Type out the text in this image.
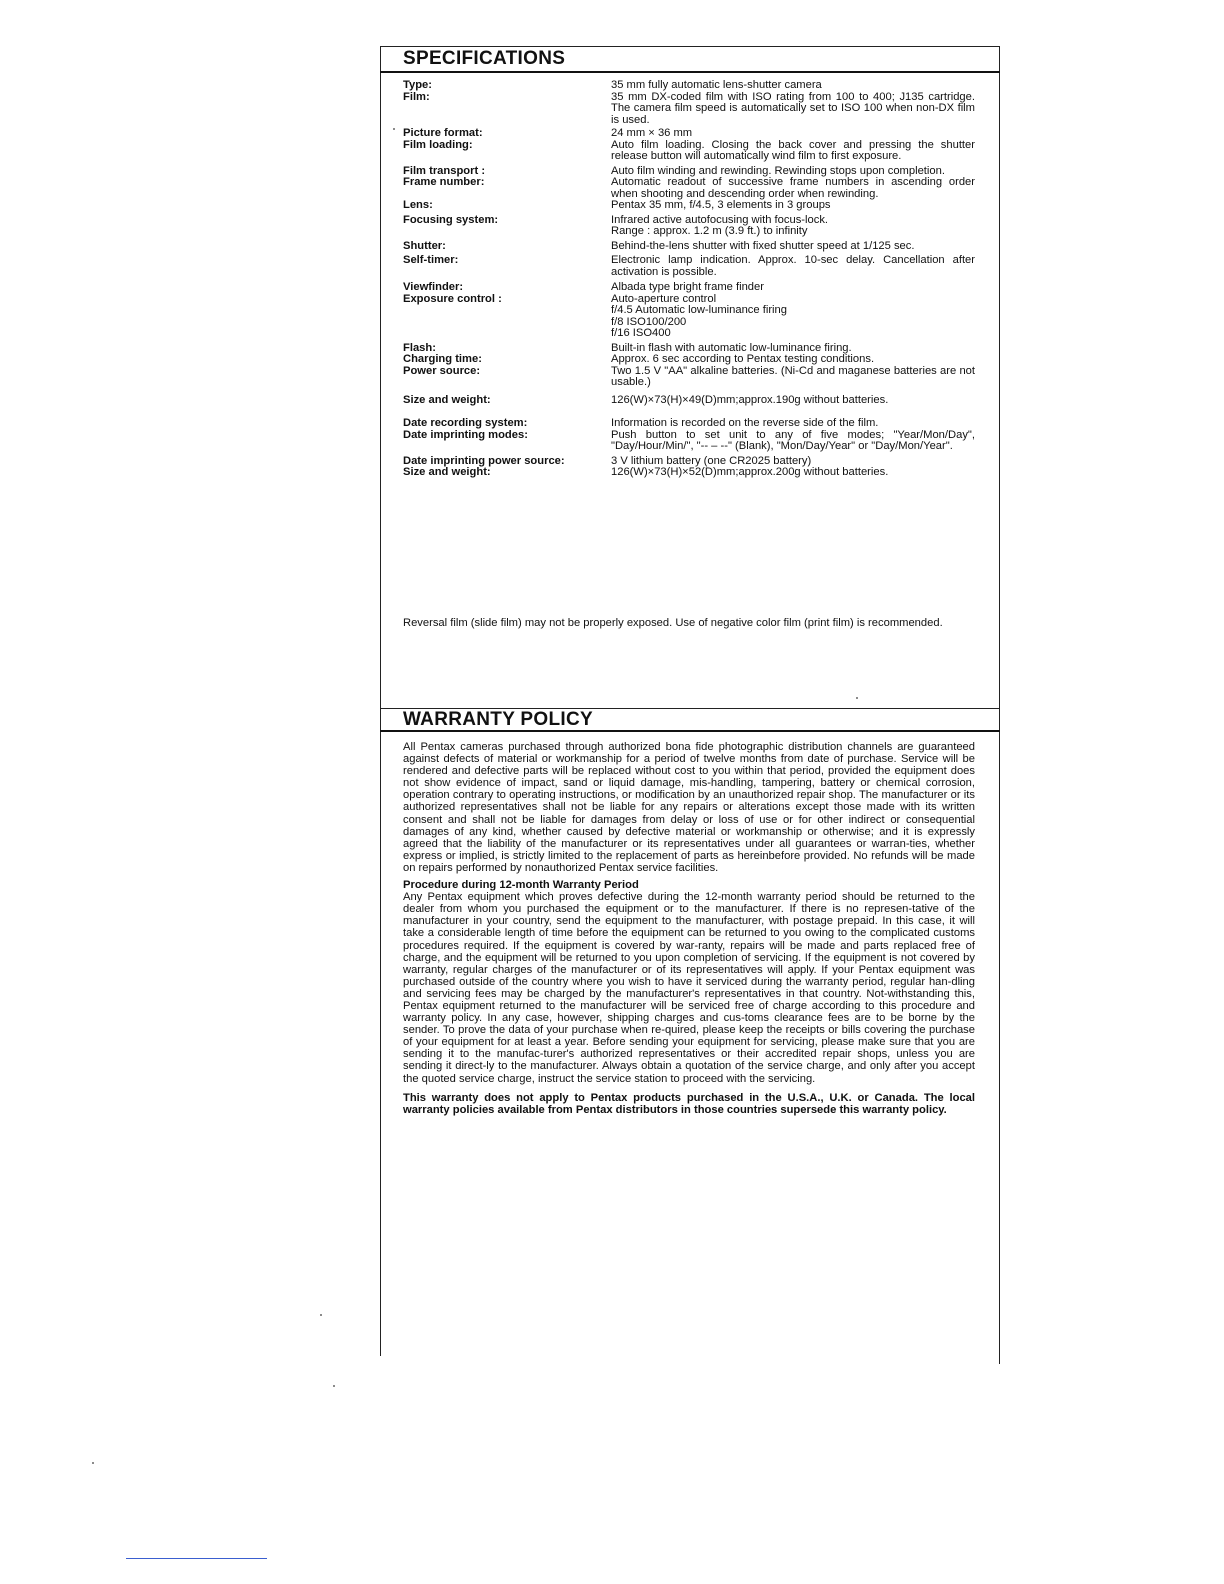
SPECIFICATIONS
Type:	35 mm fully automatic lens-shutter camera
Film:	35 mm DX-coded film with ISO rating from 100 to 400; J135 cartridge. The camera film speed is automatically set to ISO 100 when non-DX film is used.
Picture format:	24 mm × 36 mm
Film loading:	Auto film loading. Closing the back cover and pressing the shutter release button will automatically wind film to first exposure.
Film transport :	Auto film winding and rewinding. Rewinding stops upon completion.
Frame number:	Automatic readout of successive frame numbers in ascending order when shooting and descending order when rewinding.
Lens:	Pentax 35 mm, f/4.5, 3 elements in 3 groups
Focusing system:	Infrared active autofocusing with focus-lock.
Range : approx. 1.2 m (3.9 ft.) to infinity
Shutter:	Behind-the-lens shutter with fixed shutter speed at 1/125 sec.
Self-timer:	Electronic lamp indication. Approx. 10-sec delay. Cancellation after activation is possible.
Viewfinder:	Albada type bright frame finder
Exposure control :	Auto-aperture control
f/4.5 Automatic low-luminance firing
f/8 ISO100/200
f/16 ISO400
Flash:	Built-in flash with automatic low-luminance firing.
Charging time:	Approx. 6 sec according to Pentax testing conditions.
Power source:	Two 1.5 V "AA" alkaline batteries. (Ni-Cd and maganese batteries are not usable.)
Size and weight:	126(W)×73(H)×49(D)mm;approx.190g without batteries.
Date recording system:	Information is recorded on the reverse side of the film.
Date imprinting modes:	Push button to set unit to any of five modes; "Year/Mon/Day", "Day/Hour/Min/", "-- – --" (Blank), "Mon/Day/Year" or "Day/Mon/Year".
Date imprinting power source:	3 V lithium battery (one CR2025 battery)
Size and weight:	126(W)×73(H)×52(D)mm;approx.200g without batteries.
Reversal film (slide film) may not be properly exposed. Use of negative color film (print film) is recommended.
WARRANTY POLICY

All Pentax cameras purchased through authorized bona fide photographic distribution channels are guaranteed against defects of material or workmanship for a period of twelve months from date of purchase. Service will be rendered and defective parts will be replaced without cost to you within that period, provided the equipment does not show evidence of impact, sand or liquid damage, mis-handling, tampering, battery or chemical corrosion, operation contrary to operating instructions, or modification by an unauthorized repair shop. The manufacturer or its authorized representatives shall not be liable for any repairs or alterations except those made with its written consent and shall not be liable for damages from delay or loss of use or for other indirect or consequential damages of any kind, whether caused by defective material or workmanship or otherwise; and it is expressly agreed that the liability of the manufacturer or its representatives under all guarantees or warran-ties, whether express or implied, is strictly limited to the replacement of parts as hereinbefore provided. No refunds will be made on repairs performed by nonauthorized Pentax service facilities.

Procedure during 12-month Warranty Period

Any Pentax equipment which proves defective during the 12-month warranty period should be returned to the dealer from whom you purchased the equipment or to the manufacturer. If there is no represen-tative of the manufacturer in your country, send the equipment to the manufacturer, with postage prepaid. In this case, it will take a considerable length of time before the equipment can be returned to you owing to the complicated customs procedures required. If the equipment is covered by war-ranty, repairs will be made and parts replaced free of charge, and the equipment will be returned to you upon completion of servicing. If the equipment is not covered by warranty, regular charges of the manufacturer or of its representatives will apply. If your Pentax equipment was purchased outside of the country where you wish to have it serviced during the warranty period, regular han-dling and servicing fees may be charged by the manufacturer's representatives in that country. Not-withstanding this, Pentax equipment returned to the manufacturer will be serviced free of charge according to this procedure and warranty policy. In any case, however, shipping charges and cus-toms clearance fees are to be borne by the sender. To prove the data of your purchase when re-quired, please keep the receipts or bills covering the purchase of your equipment for at least a year. Before sending your equipment for servicing, please make sure that you are sending it to the manufac-turer's authorized representatives or their accredited repair shops, unless you are sending it direct-ly to the manufacturer. Always obtain a quotation of the service charge, and only after you accept the quoted service charge, instruct the service station to proceed with the servicing.

This warranty does not apply to Pentax products purchased in the U.S.A., U.K. or Canada. The local warranty policies available from Pentax distributors in those countries supersede this warranty policy.
